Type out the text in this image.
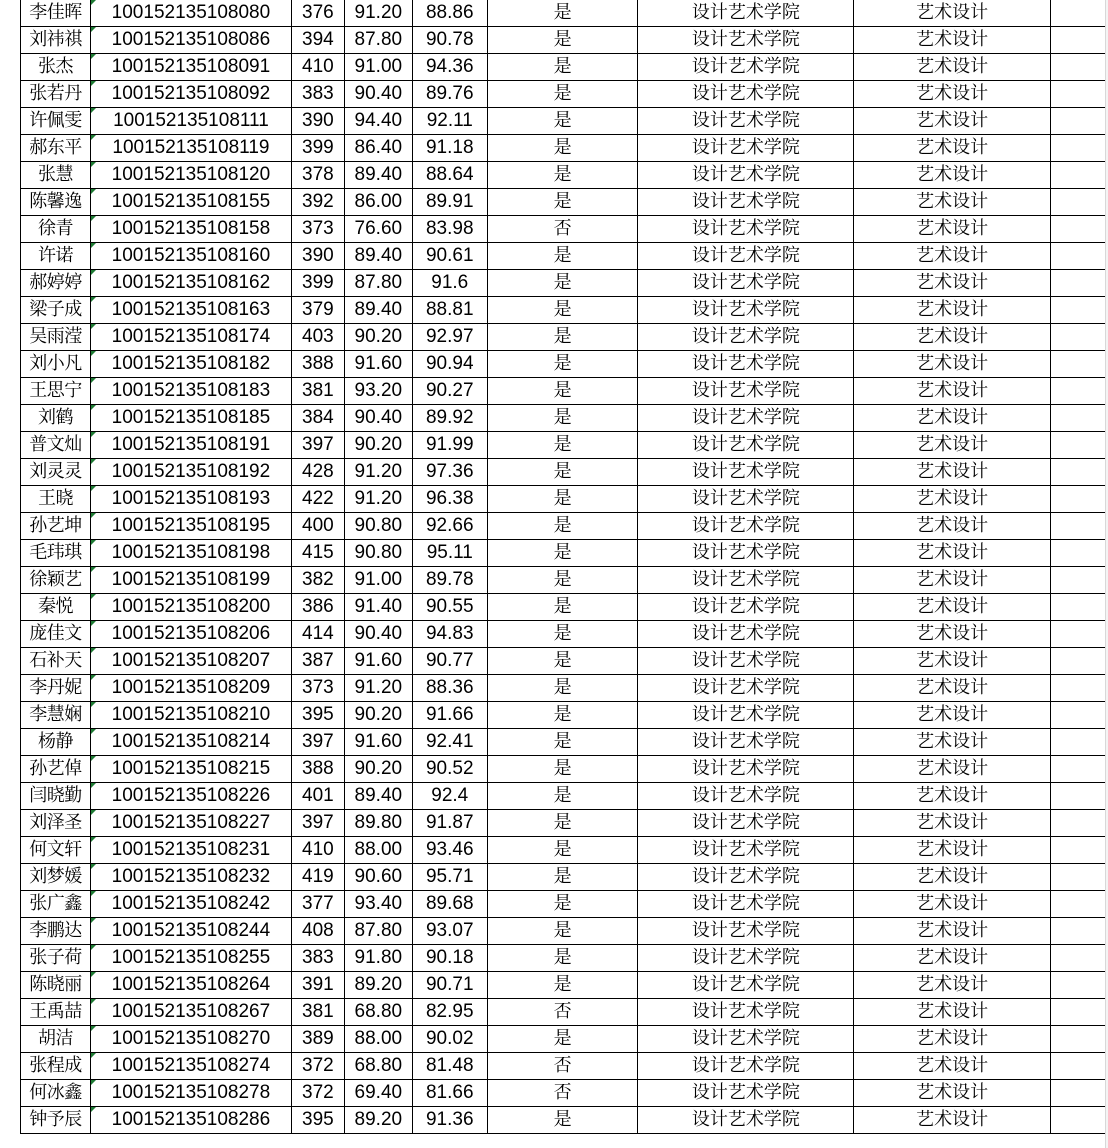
李佳晖	100152135108080	376	91.20	88.86	是	设计艺术学院	艺术设计	
刘祎祺	100152135108086	394	87.80	90.78	是	设计艺术学院	艺术设计	
张杰	100152135108091	410	91.00	94.36	是	设计艺术学院	艺术设计	
张若丹	100152135108092	383	90.40	89.76	是	设计艺术学院	艺术设计	
许佩雯	100152135108111	390	94.40	92.11	是	设计艺术学院	艺术设计	
郝东平	100152135108119	399	86.40	91.18	是	设计艺术学院	艺术设计	
张慧	100152135108120	378	89.40	88.64	是	设计艺术学院	艺术设计	
陈馨逸	100152135108155	392	86.00	89.91	是	设计艺术学院	艺术设计	
徐青	100152135108158	373	76.60	83.98	否	设计艺术学院	艺术设计	
许诺	100152135108160	390	89.40	90.61	是	设计艺术学院	艺术设计	
郝婷婷	100152135108162	399	87.80	91.6	是	设计艺术学院	艺术设计	
梁子成	100152135108163	379	89.40	88.81	是	设计艺术学院	艺术设计	
吴雨滢	100152135108174	403	90.20	92.97	是	设计艺术学院	艺术设计	
刘小凡	100152135108182	388	91.60	90.94	是	设计艺术学院	艺术设计	
王思宁	100152135108183	381	93.20	90.27	是	设计艺术学院	艺术设计	
刘鹤	100152135108185	384	90.40	89.92	是	设计艺术学院	艺术设计	
普文灿	100152135108191	397	90.20	91.99	是	设计艺术学院	艺术设计	
刘灵灵	100152135108192	428	91.20	97.36	是	设计艺术学院	艺术设计	
王晓	100152135108193	422	91.20	96.38	是	设计艺术学院	艺术设计	
孙艺坤	100152135108195	400	90.80	92.66	是	设计艺术学院	艺术设计	
毛玮琪	100152135108198	415	90.80	95.11	是	设计艺术学院	艺术设计	
徐颖艺	100152135108199	382	91.00	89.78	是	设计艺术学院	艺术设计	
秦悦	100152135108200	386	91.40	90.55	是	设计艺术学院	艺术设计	
庞佳文	100152135108206	414	90.40	94.83	是	设计艺术学院	艺术设计	
石补天	100152135108207	387	91.60	90.77	是	设计艺术学院	艺术设计	
李丹妮	100152135108209	373	91.20	88.36	是	设计艺术学院	艺术设计	
李慧娴	100152135108210	395	90.20	91.66	是	设计艺术学院	艺术设计	
杨静	100152135108214	397	91.60	92.41	是	设计艺术学院	艺术设计	
孙艺倬	100152135108215	388	90.20	90.52	是	设计艺术学院	艺术设计	
闫晓勤	100152135108226	401	89.40	92.4	是	设计艺术学院	艺术设计	
刘泽圣	100152135108227	397	89.80	91.87	是	设计艺术学院	艺术设计	
何文轩	100152135108231	410	88.00	93.46	是	设计艺术学院	艺术设计	
刘梦媛	100152135108232	419	90.60	95.71	是	设计艺术学院	艺术设计	
张广鑫	100152135108242	377	93.40	89.68	是	设计艺术学院	艺术设计	
李鹏达	100152135108244	408	87.80	93.07	是	设计艺术学院	艺术设计	
张子荷	100152135108255	383	91.80	90.18	是	设计艺术学院	艺术设计	
陈晓丽	100152135108264	391	89.20	90.71	是	设计艺术学院	艺术设计	
王禹喆	100152135108267	381	68.80	82.95	否	设计艺术学院	艺术设计	
胡洁	100152135108270	389	88.00	90.02	是	设计艺术学院	艺术设计	
张程成	100152135108274	372	68.80	81.48	否	设计艺术学院	艺术设计	
何冰鑫	100152135108278	372	69.40	81.66	否	设计艺术学院	艺术设计	
钟予辰	100152135108286	395	89.20	91.36	是	设计艺术学院	艺术设计	
